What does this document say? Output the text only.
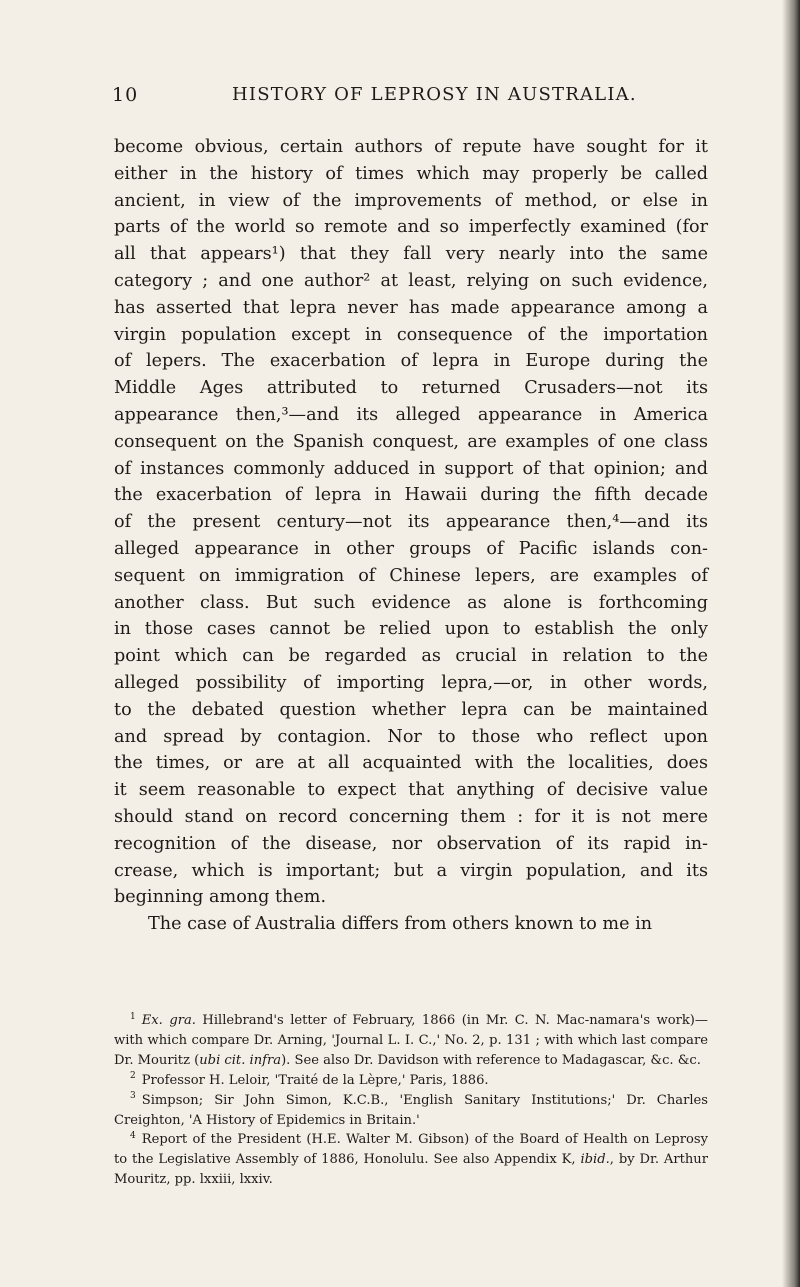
10	HISTORY OF LEPROSY IN AUSTRALIA.

become obvious, certain authors of repute have sought for it
either in the history of times which may properly be called
ancient, in view of the improvements of method, or else in
parts of the world so remote and so imperfectly examined (for
all that appears¹) that they fall very nearly into the same
category ; and one author² at least, relying on such evidence,
has asserted that lepra never has made appearance among a
virgin population except in consequence of the importation
of lepers. The exacerbation of lepra in Europe during the
Middle Ages attributed to returned Crusaders—not its
appearance then,³—and its alleged appearance in America
consequent on the Spanish conquest, are examples of one class
of instances commonly adduced in support of that opinion; and
the exacerbation of lepra in Hawaii during the fifth decade
of the present century—not its appearance then,⁴—and its
alleged appearance in other groups of Pacific islands con-
sequent on immigration of Chinese lepers, are examples of
another class. But such evidence as alone is forthcoming
in those cases cannot be relied upon to establish the only
point which can be regarded as crucial in relation to the
alleged possibility of importing lepra,—or, in other words,
to the debated question whether lepra can be maintained
and spread by contagion. Nor to those who reflect upon
the times, or are at all acquainted with the localities, does
it seem reasonable to expect that anything of decisive value
should stand on record concerning them : for it is not mere
recognition of the disease, nor observation of its rapid in-
crease, which is important; but a virgin population, and its
beginning among them.

The case of Australia differs from others known to me in

$^1$ Ex. gra. Hillebrand's letter of February, 1866 (in Mr. C. N. Mac-namara's work)—with which compare Dr. Arning, 'Journal L. I. C.,' No. 2, p. 131 ; with which last compare Dr. Mouritz (ubi cit. infra). See also Dr. Davidson with reference to Madagascar, &c. &c.

$^2$ Professor H. Leloir, 'Traité de la Lèpre,' Paris, 1886.

$^3$ Simpson; Sir John Simon, K.C.B., 'English Sanitary Institutions;' Dr. Charles Creighton, 'A History of Epidemics in Britain.'

$^4$ Report of the President (H.E. Walter M. Gibson) of the Board of Health on Leprosy to the Legislative Assembly of 1886, Honolulu. See also Appendix K, ibid., by Dr. Arthur Mouritz, pp. lxxiii, lxxiv.
